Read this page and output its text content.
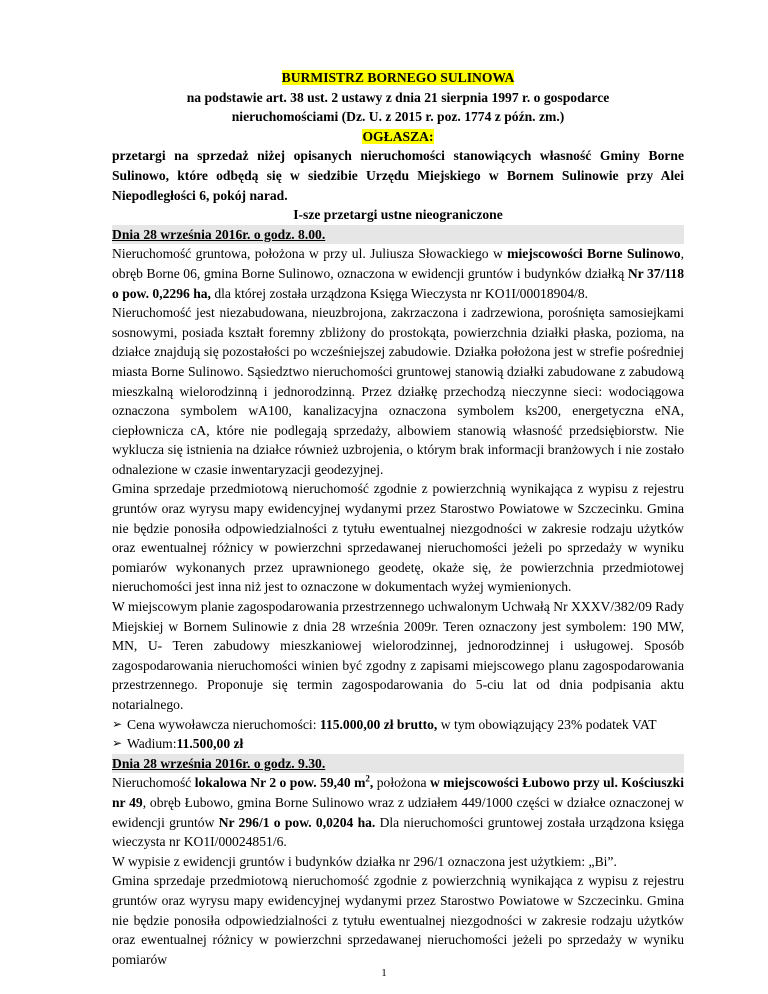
BURMISTRZ BORNEGO SULINOWA
na podstawie art. 38 ust. 2 ustawy z dnia 21 sierpnia 1997 r. o gospodarce
nieruchomościami (Dz. U. z 2015 r. poz. 1774 z późn. zm.)
OGŁASZA:

przetargi na sprzedaż niżej opisanych nieruchomości stanowiących własność Gminy Borne Sulinowo, które odbędą się w siedzibie Urzędu Miejskiego w Bornem Sulinowie przy Alei Niepodległości 6, pokój narad.

I-sze przetargi ustne nieograniczone
Dnia 28 września 2016r. o godz. 8.00.

Nieruchomość gruntowa, położona w przy ul. Juliusza Słowackiego w miejscowości Borne Sulinowo, obręb Borne 06, gmina Borne Sulinowo, oznaczona w ewidencji gruntów i budynków działką Nr 37/118 o pow. 0,2296 ha, dla której została urządzona Księga Wieczysta nr KO1I/00018904/8.

Nieruchomość jest niezabudowana, nieuzbrojona, zakrzaczona i zadrzewiona, porośnięta samosiejkami sosnowymi, posiada kształt foremny zbliżony do prostokąta, powierzchnia działki płaska, pozioma, na działce znajdują się pozostałości po wcześniejszej zabudowie. Działka położona jest w strefie pośredniej miasta Borne Sulinowo. Sąsiedztwo nieruchomości gruntowej stanowią działki zabudowane z zabudową mieszkalną wielorodzinną i jednorodzinną. Przez działkę przechodzą nieczynne sieci: wodociągowa oznaczona symbolem wA100, kanalizacyjna oznaczona symbolem ks200, energetyczna eNA, ciepłownicza cA, które nie podlegają sprzedaży, albowiem stanowią własność przedsiębiorstw. Nie wyklucza się istnienia na działce również uzbrojenia, o którym brak informacji branżowych i nie zostało odnalezione w czasie inwentaryzacji geodezyjnej.

Gmina sprzedaje przedmiotową nieruchomość zgodnie z powierzchnią wynikająca z wypisu z rejestru gruntów oraz wyrysu mapy ewidencyjnej wydanymi przez Starostwo Powiatowe w Szczecinku. Gmina nie będzie ponosiła odpowiedzialności z tytułu ewentualnej niezgodności w zakresie rodzaju użytków oraz ewentualnej różnicy w powierzchni sprzedawanej nieruchomości jeżeli po sprzedaży w wyniku pomiarów wykonanych przez uprawnionego geodetę, okaże się, że powierzchnia przedmiotowej nieruchomości jest inna niż jest to oznaczone w dokumentach wyżej wymienionych.

W miejscowym planie zagospodarowania przestrzennego uchwalonym Uchwałą Nr XXXV/382/09 Rady Miejskiej w Bornem Sulinowie z dnia 28 września 2009r. Teren oznaczony jest symbolem: 190 MW, MN, U- Teren zabudowy mieszkaniowej wielorodzinnej, jednorodzinnej i usługowej. Sposób zagospodarowania nieruchomości winien być zgodny z zapisami miejscowego planu zagospodarowania przestrzennego. Proponuje się termin zagospodarowania do 5-ciu lat od dnia podpisania aktu notarialnego.

➢ Cena wywoławcza nieruchomości: 115.000,00 zł brutto, w tym obowiązujący 23% podatek VAT
➢ Wadium:11.500,00 zł
Dnia 28 września 2016r. o godz. 9.30.

Nieruchomość lokalowa Nr 2 o pow. 59,40 $m^2$, położona w miejscowości Łubowo przy ul. Kościuszki nr 49, obręb Łubowo, gmina Borne Sulinowo wraz z udziałem 449/1000 części w działce oznaczonej w ewidencji gruntów Nr 296/1 o pow. 0,0204 ha. Dla nieruchomości gruntowej została urządzona księga wieczysta nr KO1I/00024851/6.

W wypisie z ewidencji gruntów i budynków działka nr 296/1 oznaczona jest użytkiem: „Bi”.

Gmina sprzedaje przedmiotową nieruchomość zgodnie z powierzchnią wynikająca z wypisu z rejestru gruntów oraz wyrysu mapy ewidencyjnej wydanymi przez Starostwo Powiatowe w Szczecinku. Gmina nie będzie ponosiła odpowiedzialności z tytułu ewentualnej niezgodności w zakresie rodzaju użytków oraz ewentualnej różnicy w powierzchni sprzedawanej nieruchomości jeżeli po sprzedaży w wyniku pomiarów

1
